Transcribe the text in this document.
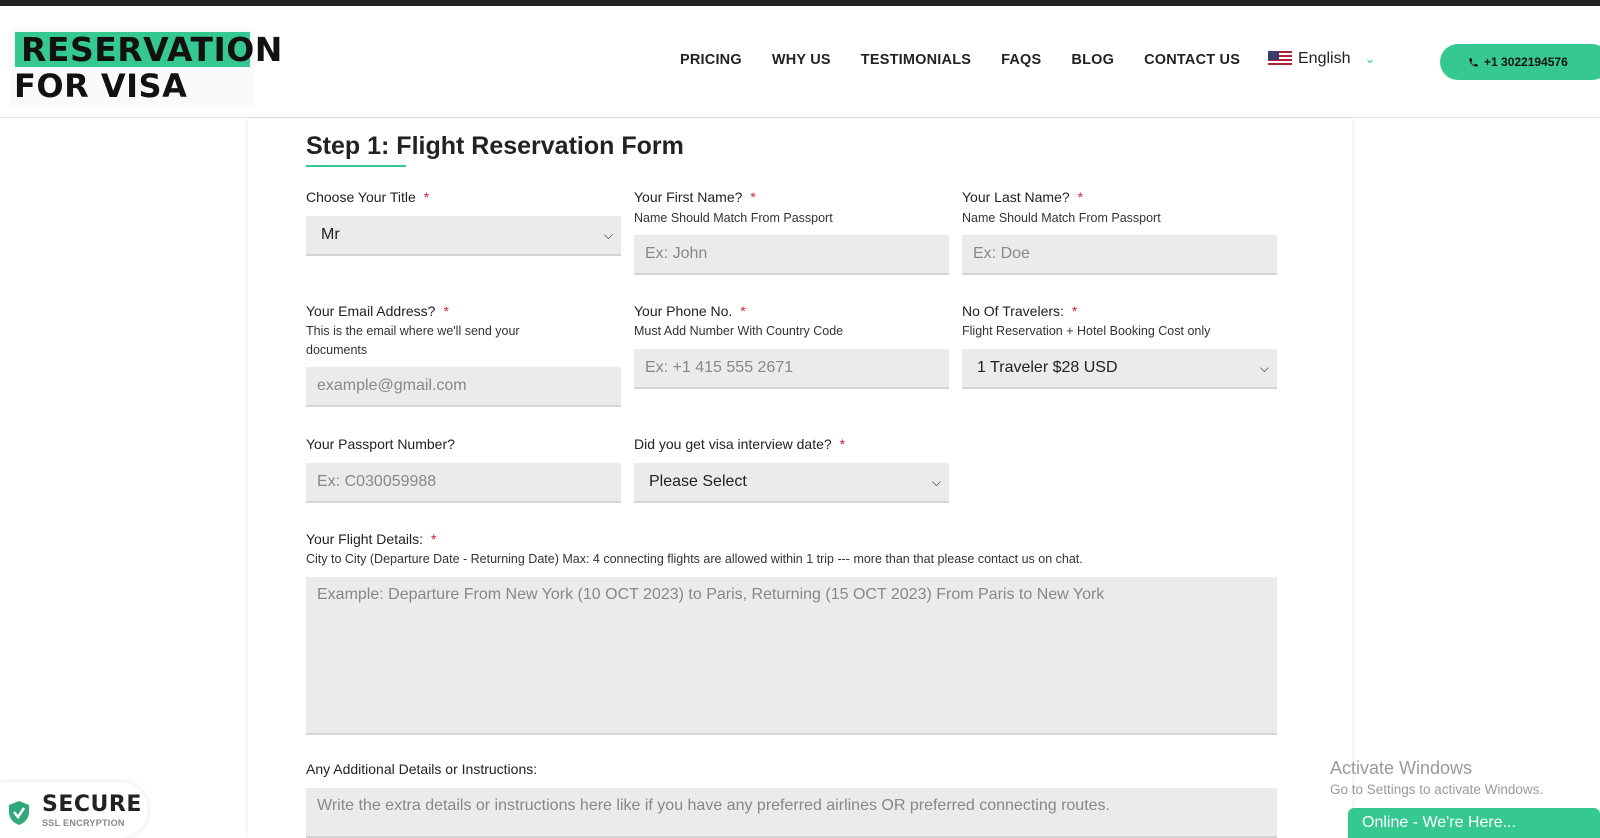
RESERVATION
FOR VISA
PRICING WHY US TESTIMONIALS FAQS BLOG CONTACT US	English ⌄	+1 3022194576
Step 1: Flight Reservation Form
Choose Your Title *
Mr	⌵
Your First Name? *
Name Should Match From Passport
Ex: John
Your Last Name? *
Name Should Match From Passport
Ex: Doe
Your Email Address? *
This is the email where we'll send your documents
example@gmail.com
Your Phone No. *
Must Add Number With Country Code
Ex: +1 415 555 2671
No Of Travelers: *
Flight Reservation + Hotel Booking Cost only
1 Traveler $28 USD	⌵
Your Passport Number?
Ex: C030059988
Did you get visa interview date? *
Please Select	⌵
Your Flight Details: *
City to City (Departure Date - Returning Date) Max: 4 connecting flights are allowed within 1 trip --- more than that please contact us on chat.
Example: Departure From New York (10 OCT 2023) to Paris, Returning (15 OCT 2023) From Paris to New York
Any Additional Details or Instructions:
Write the extra details or instructions here like if you have any preferred airlines OR preferred connecting routes.
SECURE
SSL ENCRYPTION
Activate Windows
Go to Settings to activate Windows.
Online - We're Here...
